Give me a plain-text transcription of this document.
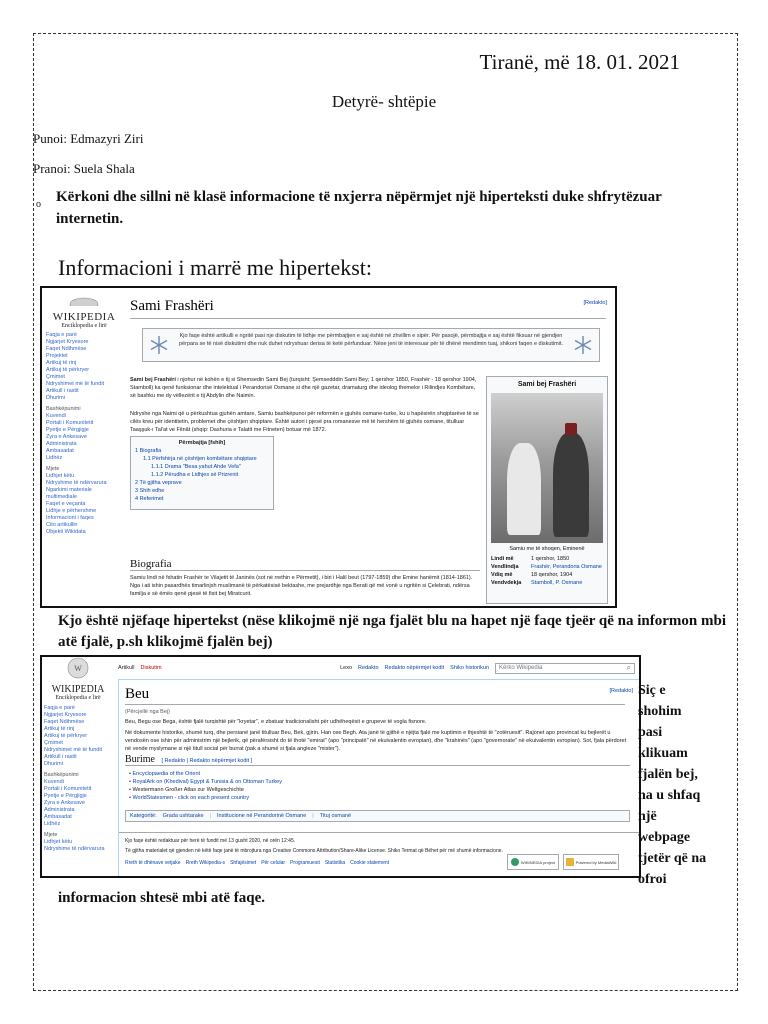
Tiranë, më 18. 01. 2021
Detyrë- shtëpie
Punoi: Edmazyri Ziri
Pranoi: Suela Shala
o	Kërkoni dhe sillni në klasë informacione të nxjerra nëpërmjet një hiperteksti duke shfrytëzuar internetin.
Informacioni i marrë me hipertekst:
WIKIPEDIA
Enciklopedia e lirë
Faqja e parë
Ngjarjet Kryesore
Faqet Ndihmëse
Projektet
Artikuj të rinj
Artikuj të përkryer
Çmimet
Ndryshimet më të fundit
Artikull i rastit
Dhurimi
Bashkëpunimi
Kuvendi
Portali i Komunitetit
Pyetje e Përgjigje
Zyra e Ankesave
Administrata
Ambasadat
Lidhëz
Mjete
Lidhjet këtu
Ndryshime të ndërvarura
Ngarkimi materiale multimediale
Faqet e veçanta
Lidhje e përhershme
Informacioni i faqes
Cito artikullin
Objekti Wikidata
Sami Frashëri	[Redakto]
Kjo faqe është artikulli e ngritë pasi nje diskutim të lidhje me përmbajtjen e saj është në zhvillim e sipër. Për pasojë, përmbajtja e saj është fiksuar në gjendjen përpara se të nisë diskutimi dhe nuk duhet ndryshuar derisa të ketë përfunduar. Nëse jeni të interesuar për të dhënë mendimin tuaj, shikoni faqen e diskutimit.
Sami bej Frashëri i njohur në kohën e tij si Shemsedin Sami Bej (turqisht: Şemsedddin Sami Bey; 1 qershor 1850, Frashër - 18 qershor 1904, Stamboll) ka qenë funksionar dhe intelektual i Perandorisë Osmane si dhe një gazetar, dramaturg dhe ideolog themelor i Rilindjes Kombëtare, së bashku me dy vëllezërit e tij Abdylin dhe Naimin.
Ndryshe nga Naimi që u përkushtua gjuhën amtare, Samiu bashkëpunoi për reformën e gjuhës osmane-turke, ku u hapësirën shqiptarëve të se cilës kreu për identitetin, problemet dhe çështjen shqiptare. Është autori i pjesë pra romanesve më të hershëm të gjuhës osmane, titulluar Taaşşuk-ı Tal'at ve Fitnât (shqip: Dashuria e Talatit me Fitneten) botuar më 1872.
Përmbajtja [fshih]
1 Biografia
1.1 Përfshirja në çështjen kombëtare shqiptare
1.1.1 Drama "Besa yahut Ahde Vefa"
1.1.2 Përudha e Lidhjes së Prizrenit
2 Të gjitha veprave
3 Shih edhe
4 Referimet
Biografia
Samiu lindi në fshatin Frashër te Vilajetit të Janinës (sot në rrethin e Përmetit), i biri i Halil beut (1797-1859) dhe Emine hanëmit (1814-1861). Nga i ati ishin pasardhës timarlinjsh muslimanë të përkatësisë bektashe, me prejardhje nga Berati që më vonë u ngritën si Çelebrati, ndërsa familja e së ëmës qenë pjesë të fisit bej Miratcurit.
Sami bej Frashëri
Samiu me të shoqen, Emineně
Lindi më	1 qershor, 1850
Vendlindja	Frashër, Perandoria Osmane
Vdiq më	18 qershor, 1904
Vendvdekja	Stamboll, P. Osmane
Kjo është njëfaqe hipertekst (nëse klikojmë një nga fjalët blu na hapet një faqe tjeër që na informon mbi atë fjalë, p.sh klikojmë fjalën bej)
W
WIKIPEDIA
Enciklopedia e lirë
Faqja e parë
Ngjarjet Kryesore
Faqet Ndihmëse
Artikuj të rinj
Artikuj të përkryer
Çmimet
Ndryshimet më të fundit
Artikull i rastit
Dhurimi
Bashkëpunimi
Kuvendi
Portali i Komunitetit
Pyetje e Përgjigje
Zyra e Ankesave
Administrata
Ambasadat
Lidhëz
Mjete
Lidhjet këtu
Ndryshime të ndërvarura
Artikull Diskutim	Lexo Redakto Redakto nëpërmjet kodit Shiko historikun Kërko Wikipedia	⌕
Beu	[Redakto]
(Përcjellë nga Bej)
Beu, Begu ose Bega, është fjalë turqishtë për "kryetar", e zbatuar tradicionalisht për udhëheqësit e grupeve të vogla fisnore.
Në dokumente historike, shumë turq, dhe persianë janë titulluar Beu, Bek, gjirin. Han ose Begh. Ata janë të gjithë e njëjta fjalë me kuptimin e thjeshtë të "zotëruesit". Rajonet apo provincat ku bejlerët u vendosën ose ishin për administrim një bejlerik, që përafërsisht do të thotë "emirat" (apo "principatë" në ekuivalentin evropian), dhe "krahinës" (apo "governorate" në ekuivalentin evropian). Sot, fjala përdoret në vende myslymane si një titull social për burrat (pak a shumë si fjala angleze "mister").
Burime [ Redakto | Redakto nëpërmjet kodit ]
• Encyclopaedia of the Orient
• RoyalArk on (Khedival) Egypt & Tunisia & on Ottoman Turkey
• Westermann Großer Atlas zur Weltgeschichte
• WorldStatesmen - click on each present country
Kategoritë: Grada ushtarake | Institucione në Perandorinë Osmane | Tituj osmanë
Kjo faqe është redaktuar për herë të fundit më 13 gusht 2020, në orën 12:45.
Të gjitha materialet që gjenden në këtë faqe janë të mbrojtura nga Creative Commons Attribution/Share-Alike License. Shiko Termat që Bëhet për më shumë informacione.
Rreth të dhënave vetjake Rreth Wikipedia-s Shfajësimet Për celular Programuesit Statistika Cookie statement	WIKIMEDIA project	Powered by MediaWiki
Siç e
shohim
pasi
klikuam
fjalën bej,
na u shfaq
një
webpage
tjetër që na
ofroi
informacion shtesë mbi atë faqe.
